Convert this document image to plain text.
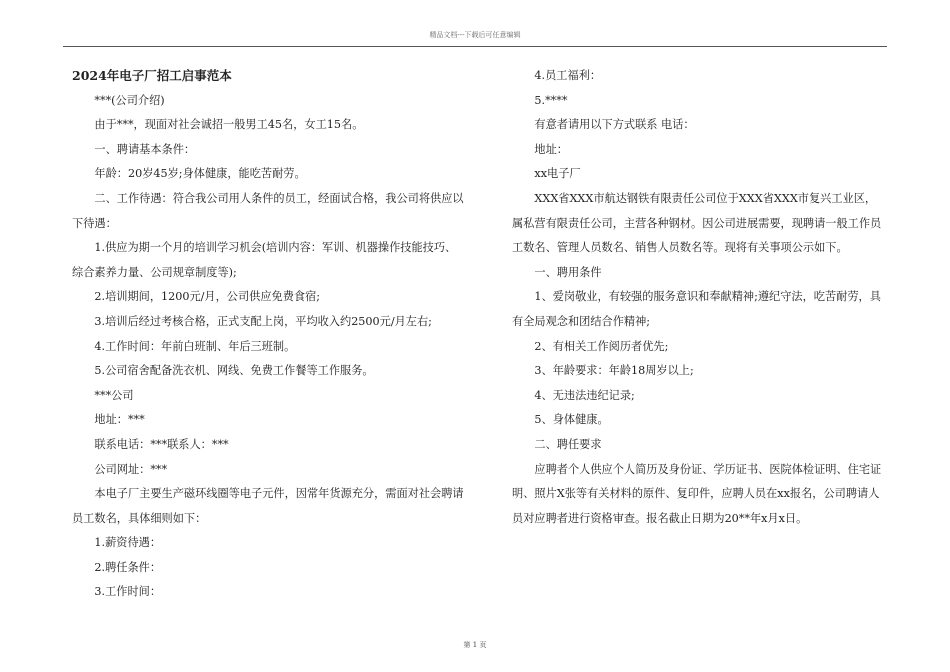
精品文档---下载后可任意编辑

2024年电子厂招工启事范本

***(公司介绍)

由于***，现面对社会诚招一般男工45名，女工15名。

一、聘请基本条件：

年龄：20岁45岁;身体健康，能吃苦耐劳。

二、工作待遇：符合我公司用人条件的员工，经面试合格，我公司将供应以下待遇：

1.供应为期一个月的培训学习机会(培训内容：军训、机器操作技能技巧、综合素养力量、公司规章制度等);

2.培训期间，1200元/月，公司供应免费食宿;

3.培训后经过考核合格，正式支配上岗，平均收入约2500元/月左右;

4.工作时间：年前白班制、年后三班制。

5.公司宿舍配备洗衣机、网线、免费工作餐等工作服务。

***公司

地址：***

联系电话：***联系人：***

公司网址：***

本电子厂主要生产磁环线圈等电子元件，因常年货源充分，需面对社会聘请员工数名，具体细则如下：

1.薪资待遇：

2.聘任条件：

3.工作时间：

4.员工福利：

5.****

有意者请用以下方式联系 电话：

地址：

xx电子厂

XXX省XXX市航达钢铁有限责任公司位于XXX省XXX市复兴工业区，属私营有限责任公司，主营各种钢材。因公司进展需要，现聘请一般工作员工数名、管理人员数名、销售人员数名等。现将有关事项公示如下。

一、聘用条件

1、爱岗敬业，有较强的服务意识和奉献精神;遵纪守法，吃苦耐劳，具有全局观念和团结合作精神;

2、有相关工作阅历者优先;

3、年龄要求：年龄18周岁以上;

4、无违法违纪记录;

5、身体健康。

二、聘任要求

应聘者个人供应个人简历及身份证、学历证书、医院体检证明、住宅证明、照片X张等有关材料的原件、复印件，应聘人员在xx报名，公司聘请人员对应聘者进行资格审查。报名截止日期为20**年x月x日。

第 1 页
